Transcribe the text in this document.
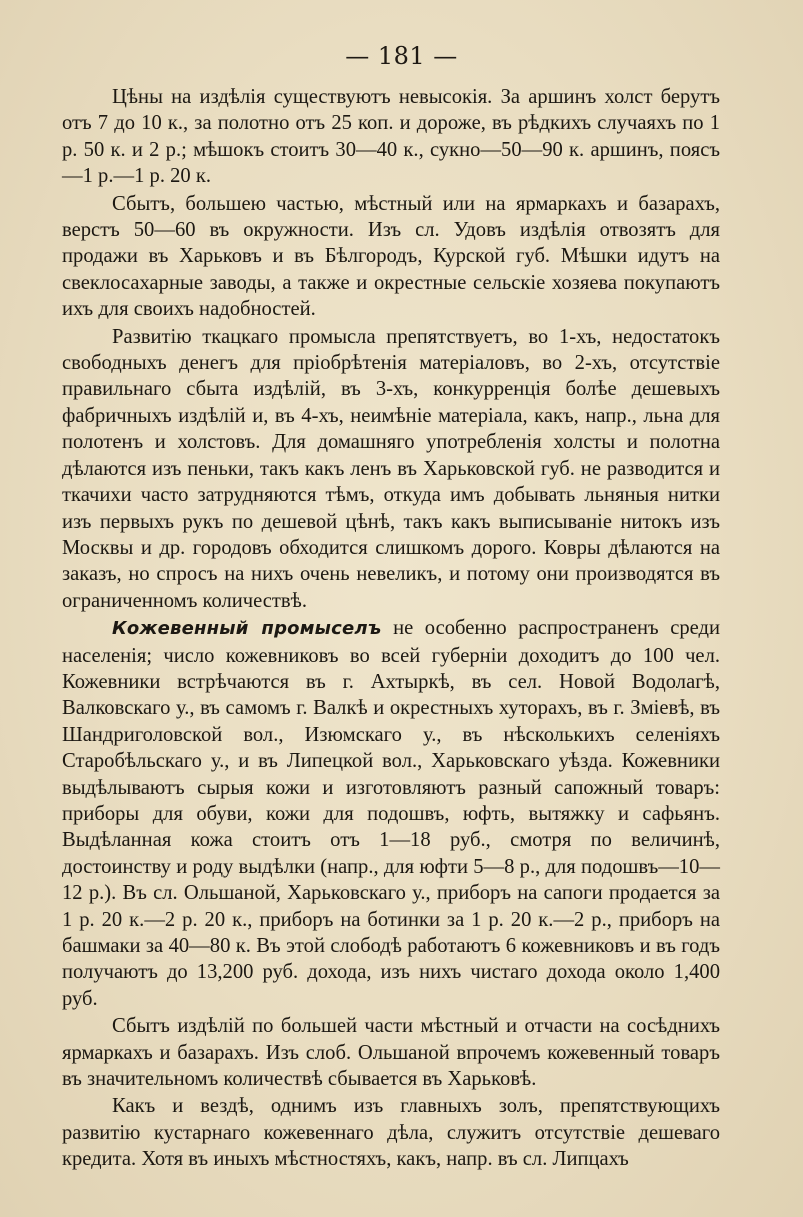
— 181 —

Цѣны на издѣлія существуютъ невысокія. За аршинъ холст берутъ отъ 7 до 10 к., за полотно отъ 25 коп. и дороже, въ рѣдкихъ случаяхъ по 1 р. 50 к. и 2 р.; мѣшокъ стоитъ 30—40 к., сукно—50—90 к. аршинъ, поясъ—1 р.—1 р. 20 к.

Сбытъ, большею частью, мѣстный или на ярмаркахъ и базарахъ, верстъ 50—60 въ окружности. Изъ сл. Удовъ издѣлія отвозятъ для продажи въ Харьковъ и въ Бѣлгородъ, Курской губ. Мѣшки идутъ на свеклосахарные заводы, а также и окрестные сельскіе хозяева покупаютъ ихъ для своихъ надобностей.

Развитію ткацкаго промысла препятствуетъ, во 1-хъ, недостатокъ свободныхъ денегъ для пріобрѣтенія матеріаловъ, во 2-хъ, отсутствіе правильнаго сбыта издѣлій, въ 3-хъ, конкурренція болѣе дешевыхъ фабричныхъ издѣлій и, въ 4-хъ, неимѣніе матеріала, какъ, напр., льна для полотенъ и холстовъ. Для домашняго употребленія холсты и полотна дѣлаются изъ пеньки, такъ какъ ленъ въ Харьковской губ. не разводится и ткачихи часто затрудняются тѣмъ, откуда имъ добывать льняныя нитки изъ первыхъ рукъ по дешевой цѣнѣ, такъ какъ выписываніе нитокъ изъ Москвы и др. городовъ обходится слишкомъ дорого. Ковры дѣлаются на заказъ, но спросъ на нихъ очень невеликъ, и потому они производятся въ ограниченномъ количествѣ.

Кожевенный промыселъ не особенно распространенъ среди населенія; число кожевниковъ во всей губерніи доходитъ до 100 чел. Кожевники встрѣчаются въ г. Ахтыркѣ, въ сел. Новой Водолагѣ, Валковскаго у., въ самомъ г. Валкѣ и окрестныхъ хуторахъ, въ г. Зміевѣ, въ Шандриголовской вол., Изюмскаго у., въ нѣсколькихъ селеніяхъ Старобѣльскаго у., и въ Липецкой вол., Харьковскаго уѣзда. Кожевники выдѣлываютъ сырыя кожи и изготовляютъ разный сапожный товаръ: приборы для обуви, кожи для подошвъ, юфть, вытяжку и сафьянъ. Выдѣланная кожа стоитъ отъ 1—18 руб., смотря по величинѣ, достоинству и роду выдѣлки (напр., для юфти 5—8 р., для подошвъ—10—12 р.). Въ сл. Ольшаной, Харьковскаго у., приборъ на сапоги продается за 1 р. 20 к.—2 р. 20 к., приборъ на ботинки за 1 р. 20 к.—2 р., приборъ на башмаки за 40—80 к. Въ этой слободѣ работаютъ 6 кожевниковъ и въ годъ получаютъ до 13,200 руб. дохода, изъ нихъ чистаго дохода около 1,400 руб.

Сбытъ издѣлій по большей части мѣстный и отчасти на сосѣднихъ ярмаркахъ и базарахъ. Изъ слоб. Ольшаной впрочемъ кожевенный товаръ въ значительномъ количествѣ сбывается въ Харьковѣ.

Какъ и вездѣ, однимъ изъ главныхъ золъ, препятствующихъ развитію кустарнаго кожевеннаго дѣла, служитъ отсутствіе дешеваго кредита. Хотя въ иныхъ мѣстностяхъ, какъ, напр. въ сл. Липцахъ
